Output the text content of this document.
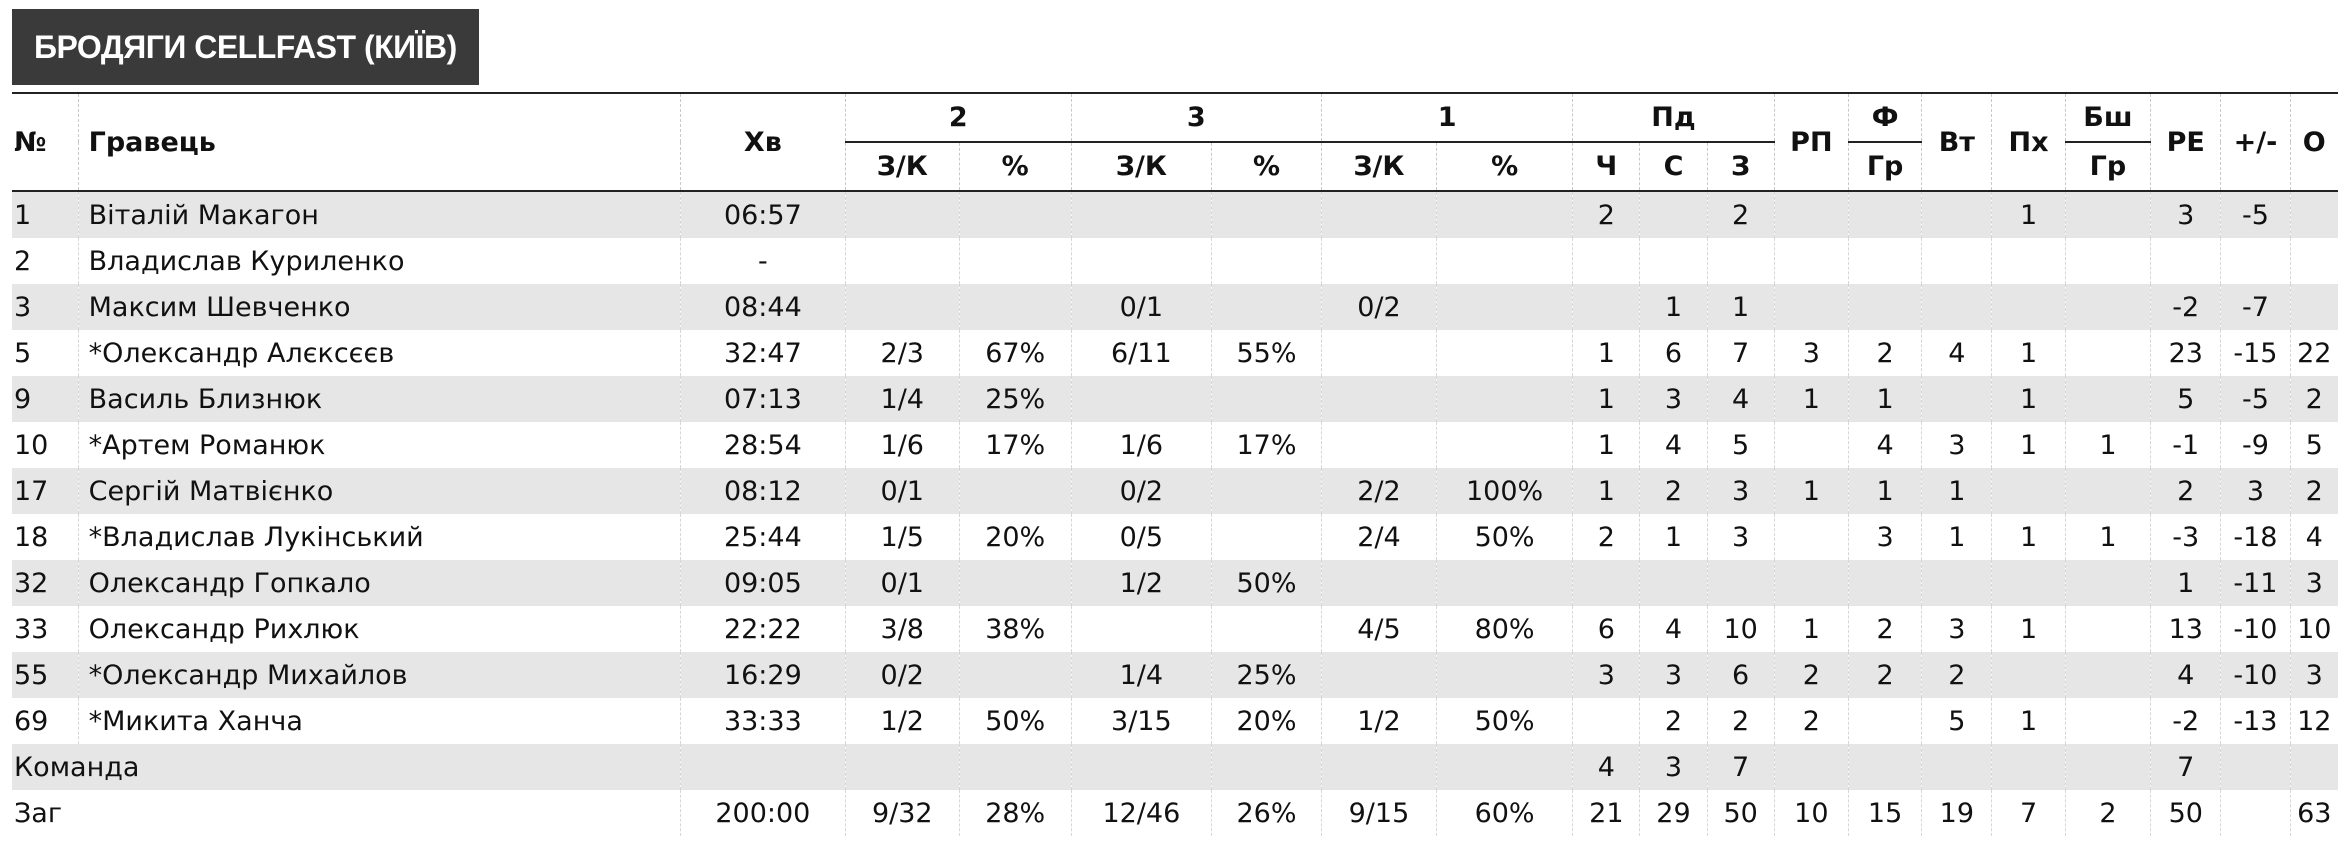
БРОДЯГИ CELLFAST (КИЇВ)
№	Гравець	Хв	2		3		1		Пд			РП	Ф	Вт	Пх	Бш	РЕ	+/-	О
			З/К	%	З/К	%	З/К	%	Ч	С	З		Гр			Гр			
1	Віталій Макагон	06:57							2		2				1		3	-5	
2	Владислав Куриленко	-																	
3	Максим Шевченко	08:44			0/1		0/2			1	1						-2	-7	
5	*Олександр Алєксєєв	32:47	2/3	67%	6/11	55%			1	6	7	3	2	4	1		23	-15	22
9	Василь Близнюк	07:13	1/4	25%					1	3	4	1	1		1		5	-5	2
10	*Артем Романюк	28:54	1/6	17%	1/6	17%			1	4	5		4	3	1	1	-1	-9	5
17	Сергій Матвієнко	08:12	0/1		0/2		2/2	100%	1	2	3	1	1	1			2	3	2
18	*Владислав Лукінський	25:44	1/5	20%	0/5		2/4	50%	2	1	3		3	1	1	1	-3	-18	4
32	Олександр Гопкало	09:05	0/1		1/2	50%											1	-11	3
33	Олександр Рихлюк	22:22	3/8	38%			4/5	80%	6	4	10	1	2	3	1		13	-10	10
55	*Олександр Михайлов	16:29	0/2		1/4	25%			3	3	6	2	2	2			4	-10	3
69	*Микита Ханча	33:33	1/2	50%	3/15	20%	1/2	50%		2	2	2		5	1		-2	-13	12
Команда									4	3	7						7		
Заг		200:00	9/32	28%	12/46	26%	9/15	60%	21	29	50	10	15	19	7	2	50		63
